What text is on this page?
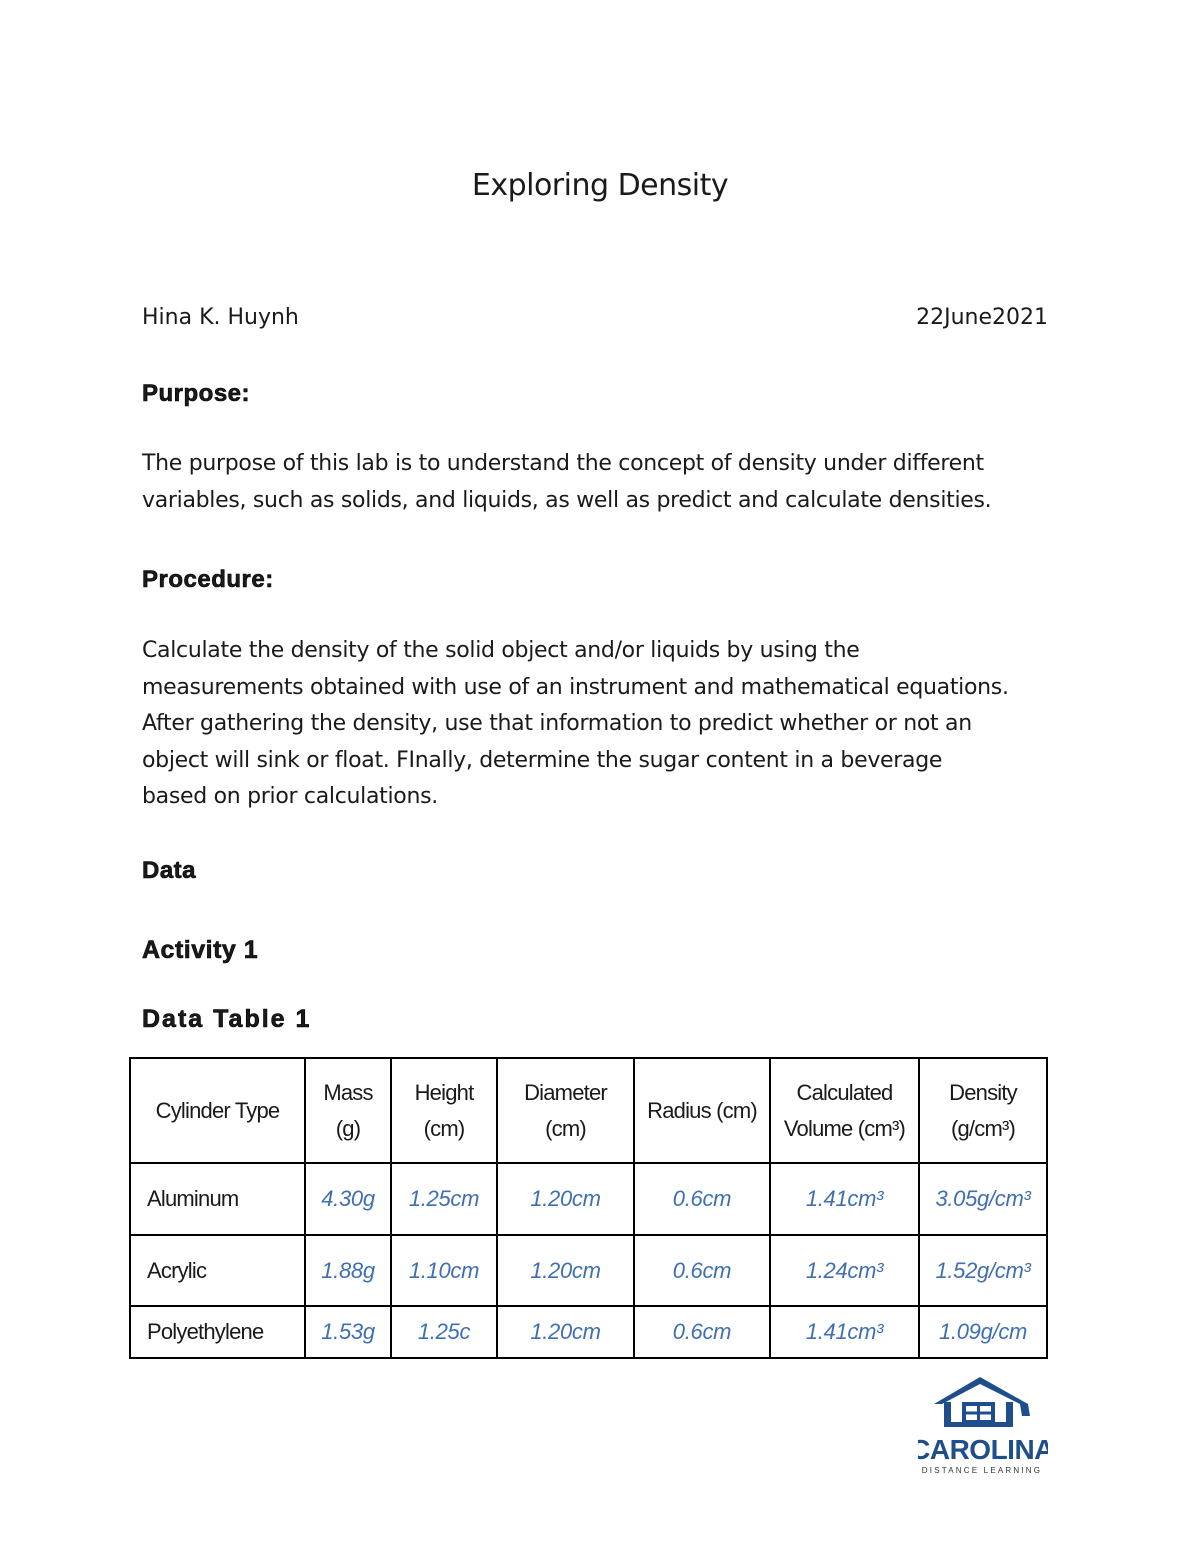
Exploring Density
Hina K. Huynh	22June2021
Purpose:
The purpose of this lab is to understand the concept of density under different
variables, such as solids, and liquids, as well as predict and calculate densities.
Procedure:
Calculate the density of the solid object and/or liquids by using the
measurements obtained with use of an instrument and mathematical equations.
After gathering the density, use that information to predict whether or not an
object will sink or float. FInally, determine the sugar content in a beverage
based on prior calculations.
Data
Activity 1
Data Table 1
Cylinder Type	Mass (g)	Height (cm)	Diameter (cm)	Radius (cm)	Calculated Volume (cm³)	Density (g/cm³)
Aluminum	4.30g	1.25cm	1.20cm	0.6cm	1.41cm³	3.05g/cm³
Acrylic	1.88g	1.10cm	1.20cm	0.6cm	1.24cm³	1.52g/cm³
Polyethylene	1.53g	1.25c	1.20cm	0.6cm	1.41cm³	1.09g/cm
CAROLINA
DISTANCE LEARNING
